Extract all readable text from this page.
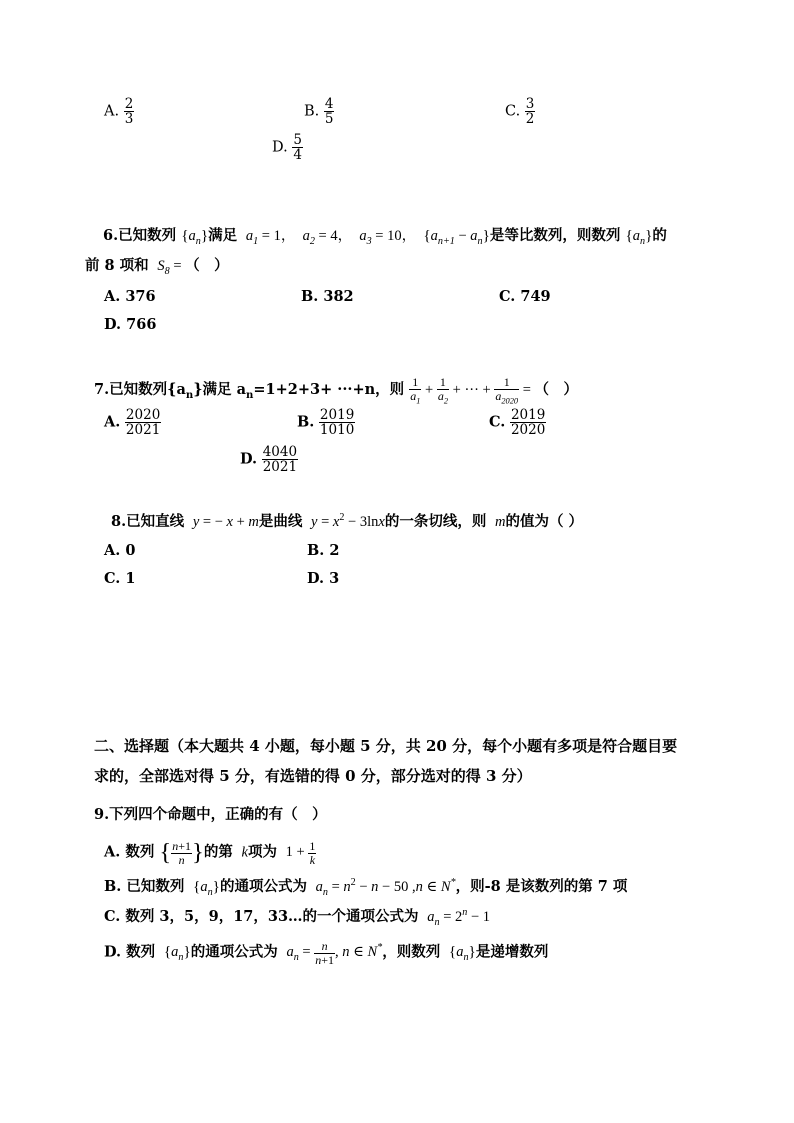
A. $\frac{2}{3}$	B. $\frac{4}{5}$	C. $\frac{3}{2}$
D. $\frac{5}{4}$
6.已知数列 $\{a_n\}$满足  $a_1 = 1$，  $a_2 = 4$，  $a_3 = 10$， $\{a_{n+1} - a_n\}$是等比数列，则数列 $\{a_n\}$的
前 8 项和  $S_8$ = （　）
A. 376	B. 382	C. 749
D. 766
7.已知数列$\{a_n\}$满足 $a_n=1+2+3+ \cdot\cdot\cdot+n$，则 $\frac{1}{a_1} + \frac{1}{a_2}$ + ··· + $\frac{1}{a_{2020}}$ = （　）
A. $\frac{2020}{2021}$	B. $\frac{2019}{1010}$	C. $\frac{2019}{2020}$
D. $\frac{4040}{2021}$
8.已知直线  y = − x + m是曲线  $y = x^2 - 3\ln x$的一条切线，则  m的值为（ ）
A. 0	B. 2
C. 1	D. 3
二、选择题（本大题共 4 小题，每小题 5 分，共 20 分，每个小题有多项是符合题目要
求的，全部选对得 5 分，有选错的得 0 分，部分选对的得 3 分）
9.下列四个命题中，正确的有（　）
A. 数列 { $\frac{n+1}{n}$ }的第  k项为 $1 + \frac{1}{k}$
B. 已知数列 $\{a_n\}$的通项公式为  $a_n = n^2 - n - 50$ ,n ∈ N*，则-8 是该数列的第 7 项
C. 数列 3，5，9，17，33…的一个通项公式为  $a_n = 2^n - 1$
D. 数列 $\{a_n\}$的通项公式为  $a_n = \frac{n}{n+1}$ , n ∈ N*，则数列 $\{a_n\}$是递增数列
